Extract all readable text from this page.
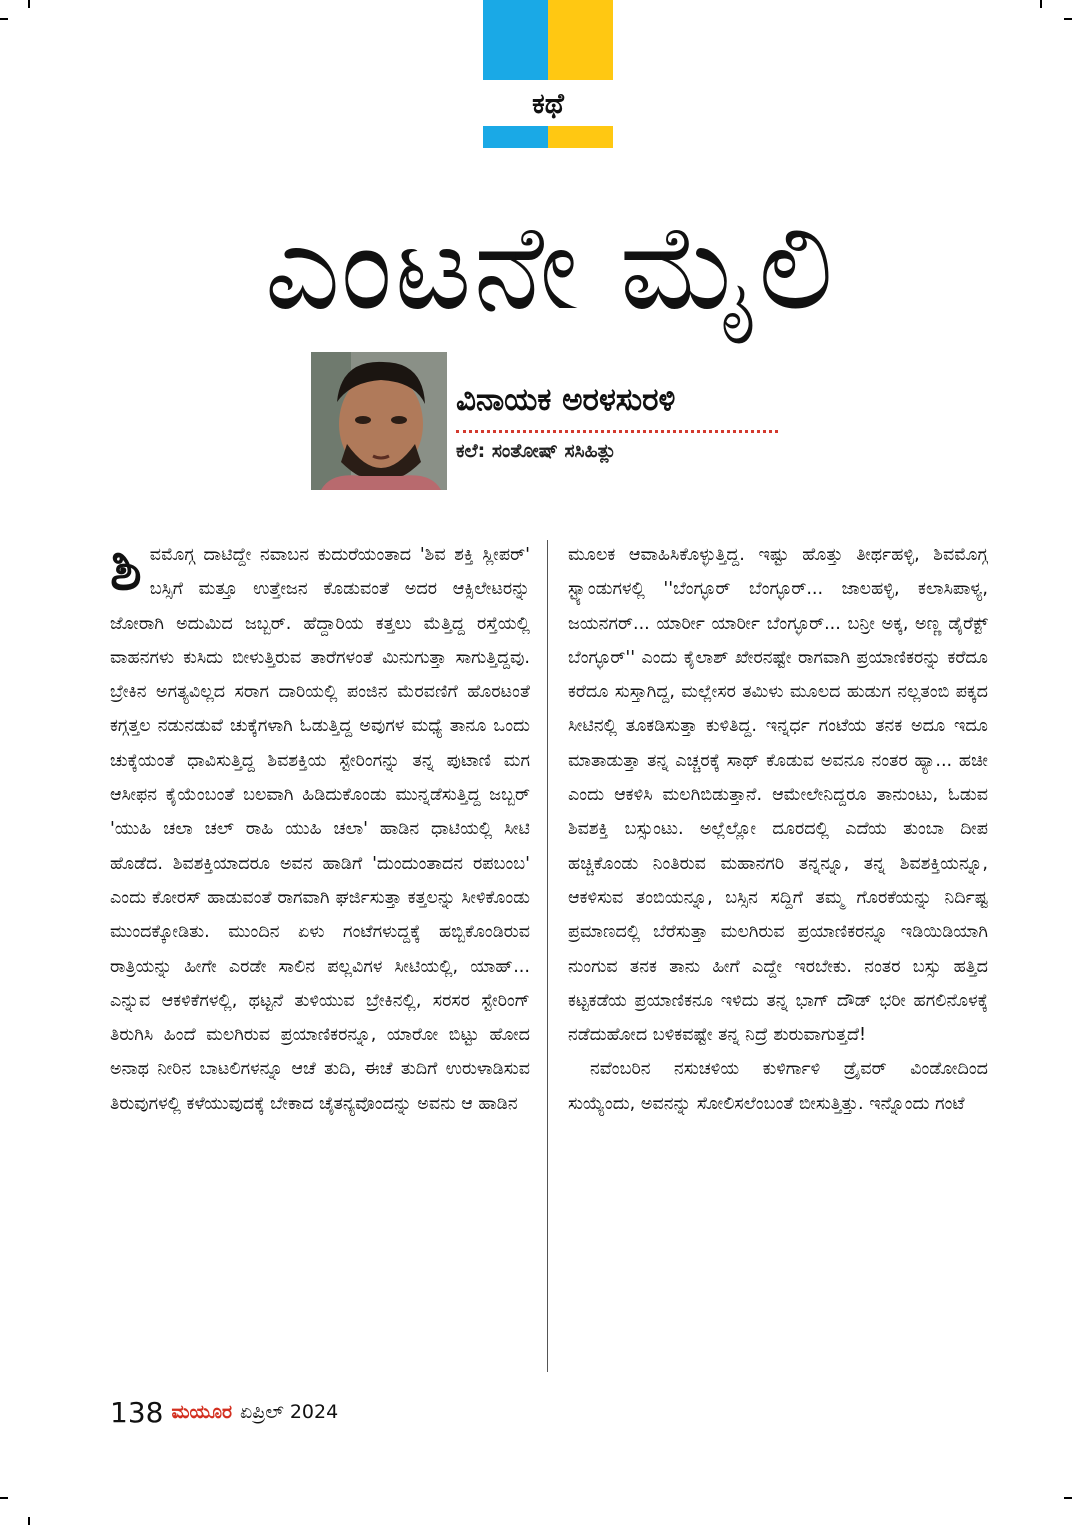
ಕಥೆ
ಎಂಟನೇ ಮೈಲಿ
ವಿನಾಯಕ ಅರಳಸುರಳಿ
ಕಲೆ: ಸಂತೋಷ್ ಸಸಿಹಿತ್ಲು

ಶಿವಮೊಗ್ಗ ದಾಟಿದ್ದೇ ನವಾಬನ ಕುದುರೆಯಂತಾದ 'ಶಿವ ಶಕ್ತಿ ಸ್ಲೀಪರ್' ಬಸ್ಸಿಗೆ ಮತ್ತೂ ಉತ್ತೇಜನ ಕೊಡುವಂತೆ ಅದರ ಆಕ್ಸಿಲೇಟರನ್ನು ಜೋರಾಗಿ ಅದುಮಿದ ಜಬ್ಬರ್. ಹೆದ್ದಾರಿಯ ಕತ್ತಲು ಮೆತ್ತಿದ್ದ ರಸ್ತೆಯಲ್ಲಿ ವಾಹನಗಳು ಕುಸಿದು ಬೀಳುತ್ತಿರುವ ತಾರೆಗಳಂತೆ ಮಿನುಗುತ್ತಾ ಸಾಗುತ್ತಿದ್ದವು. ಬ್ರೇಕಿನ ಅಗತ್ಯವಿಲ್ಲದ ಸರಾಗ ದಾರಿಯಲ್ಲಿ ಪಂಜಿನ ಮೆರವಣಿಗೆ ಹೊರಟಂತೆ ಕಗ್ಗತ್ತಲ ನಡುನಡುವೆ ಚುಕ್ಕೆಗಳಾಗಿ ಓಡುತ್ತಿದ್ದ ಅವುಗಳ ಮಧ್ಯೆ ತಾನೂ ಒಂದು ಚುಕ್ಕೆಯಂತೆ ಧಾವಿಸುತ್ತಿದ್ದ ಶಿವಶಕ್ತಿಯ ಸ್ಟೇರಿಂಗನ್ನು ತನ್ನ ಪುಟಾಣಿ ಮಗ ಆಸೀಫನ ಕೈಯೆಂಬಂತೆ ಬಲವಾಗಿ ಹಿಡಿದುಕೊಂಡು ಮುನ್ನಡೆಸುತ್ತಿದ್ದ ಜಬ್ಬರ್ 'ಯುಹಿ ಚಲಾ ಚಲ್ ರಾಹಿ ಯುಹಿ ಚಲಾ' ಹಾಡಿನ ಧಾಟಿಯಲ್ಲಿ ಸೀಟಿ ಹೊಡೆದ. ಶಿವಶಕ್ತಿಯಾದರೂ ಅವನ ಹಾಡಿಗೆ 'ದುಂದುಂತಾದನ ರಪಬಂಬ' ಎಂದು ಕೋರಸ್ ಹಾಡುವಂತೆ ರಾಗವಾಗಿ ಘರ್ಜಿಸುತ್ತಾ ಕತ್ತಲನ್ನು ಸೀಳಿಕೊಂಡು ಮುಂದಕ್ಕೋಡಿತು. ಮುಂದಿನ ಏಳು ಗಂಟೆಗಳುದ್ದಕ್ಕೆ ಹಬ್ಬಿಕೊಂಡಿರುವ ರಾತ್ರಿಯನ್ನು ಹೀಗೇ ಎರಡೇ ಸಾಲಿನ ಪಲ್ಲವಿಗಳ ಸೀಟಿಯಲ್ಲಿ, ಯಾಹ್... ಎನ್ನುವ ಆಕಳಿಕೆಗಳಲ್ಲಿ, ಥಟ್ಟನೆ ತುಳಿಯುವ ಬ್ರೇಕಿನಲ್ಲಿ, ಸರಸರ ಸ್ಟೇರಿಂಗ್ ತಿರುಗಿಸಿ ಹಿಂದೆ ಮಲಗಿರುವ ಪ್ರಯಾಣಿಕರನ್ನೂ, ಯಾರೋ ಬಿಟ್ಟು ಹೋದ ಅನಾಥ ನೀರಿನ ಬಾಟಲಿಗಳನ್ನೂ ಆಚೆ ತುದಿ, ಈಚೆ ತುದಿಗೆ ಉರುಳಾಡಿಸುವ ತಿರುವುಗಳಲ್ಲಿ ಕಳೆಯುವುದಕ್ಕೆ ಬೇಕಾದ ಚೈತನ್ಯವೊಂದನ್ನು ಅವನು ಆ ಹಾಡಿನ

ಮೂಲಕ ಆವಾಹಿಸಿಕೊಳ್ಳುತ್ತಿದ್ದ. ಇಷ್ಟು ಹೊತ್ತು ತೀರ್ಥಹಳ್ಳಿ, ಶಿವಮೊಗ್ಗ ಸ್ಟ್ಯಾಂಡುಗಳಲ್ಲಿ ''ಬೆಂಗ್ಳೂರ್ ಬೆಂಗ್ಳೂರ್... ಜಾಲಹಳ್ಳಿ, ಕಲಾಸಿಪಾಳ್ಯ, ಜಯನಗರ್... ಯಾರ್ರೀ ಯಾರ್ರೀ ಬೆಂಗ್ಳೂರ್... ಬನ್ರೀ ಅಕ್ಕ, ಅಣ್ಣ ಡೈರೆಕ್ಟ್ ಬೆಂಗ್ಳೂರ್'' ಎಂದು ಕೈಲಾಶ್ ಖೇರನಷ್ಟೇ ರಾಗವಾಗಿ ಪ್ರಯಾಣಿಕರನ್ನು ಕರೆದೂ ಕರೆದೂ ಸುಸ್ತಾಗಿದ್ದ, ಮಲ್ಲೇಸರ ತಮಿಳು ಮೂಲದ ಹುಡುಗ ನಲ್ಲತಂಬಿ ಪಕ್ಕದ ಸೀಟಿನಲ್ಲಿ ತೂಕಡಿಸುತ್ತಾ ಕುಳಿತಿದ್ದ. ಇನ್ನರ್ಧ ಗಂಟೆಯ ತನಕ ಅದೂ ಇದೂ ಮಾತಾಡುತ್ತಾ ತನ್ನ ಎಚ್ಚರಕ್ಕೆ ಸಾಥ್ ಕೊಡುವ ಅವನೂ ನಂತರ ಹ್ಯಾ... ಹಚೀ ಎಂದು ಆಕಳಿಸಿ ಮಲಗಿಬಿಡುತ್ತಾನೆ. ಆಮೇಲೇನಿದ್ದರೂ ತಾನುಂಟು, ಓಡುವ ಶಿವಶಕ್ತಿ ಬಸ್ಸುಂಟು. ಅಲ್ಲೆಲ್ಲೋ ದೂರದಲ್ಲಿ ಎದೆಯ ತುಂಬಾ ದೀಪ ಹಚ್ಚಿಕೊಂಡು ನಿಂತಿರುವ ಮಹಾನಗರಿ ತನ್ನನ್ನೂ, ತನ್ನ ಶಿವಶಕ್ತಿಯನ್ನೂ, ಆಕಳಿಸುವ ತಂಬಿಯನ್ನೂ, ಬಸ್ಸಿನ ಸದ್ದಿಗೆ ತಮ್ಮ ಗೊರಕೆಯನ್ನು ನಿರ್ದಿಷ್ಟ ಪ್ರಮಾಣದಲ್ಲಿ ಬೆರೆಸುತ್ತಾ ಮಲಗಿರುವ ಪ್ರಯಾಣಿಕರನ್ನೂ ಇಡಿಯಿಡಿಯಾಗಿ ನುಂಗುವ ತನಕ ತಾನು ಹೀಗೆ ಎದ್ದೇ ಇರಬೇಕು. ನಂತರ ಬಸ್ಸು ಹತ್ತಿದ ಕಟ್ಟಕಡೆಯ ಪ್ರಯಾಣಿಕನೂ ಇಳಿದು ತನ್ನ ಭಾಗ್ ದೌಡ್ ಭರೀ ಹಗಲಿನೊಳಕ್ಕೆ ನಡೆದುಹೋದ ಬಳಿಕವಷ್ಟೇ ತನ್ನ ನಿದ್ರೆ ಶುರುವಾಗುತ್ತದೆ!

ನವೆಂಬರಿನ ನಸುಚಳಿಯ ಕುಳಿರ್ಗಾಳಿ ಡ್ರೈವರ್ ವಿಂಡೋದಿಂದ ಸುಯ್ಯೆಂದು, ಅವನನ್ನು ಸೋಲಿಸಲೆಂಬಂತೆ ಬೀಸುತ್ತಿತ್ತು. ಇನ್ನೊಂದು ಗಂಟೆ

138 ಮಯೂರ ಏಪ್ರಿಲ್ 2024
